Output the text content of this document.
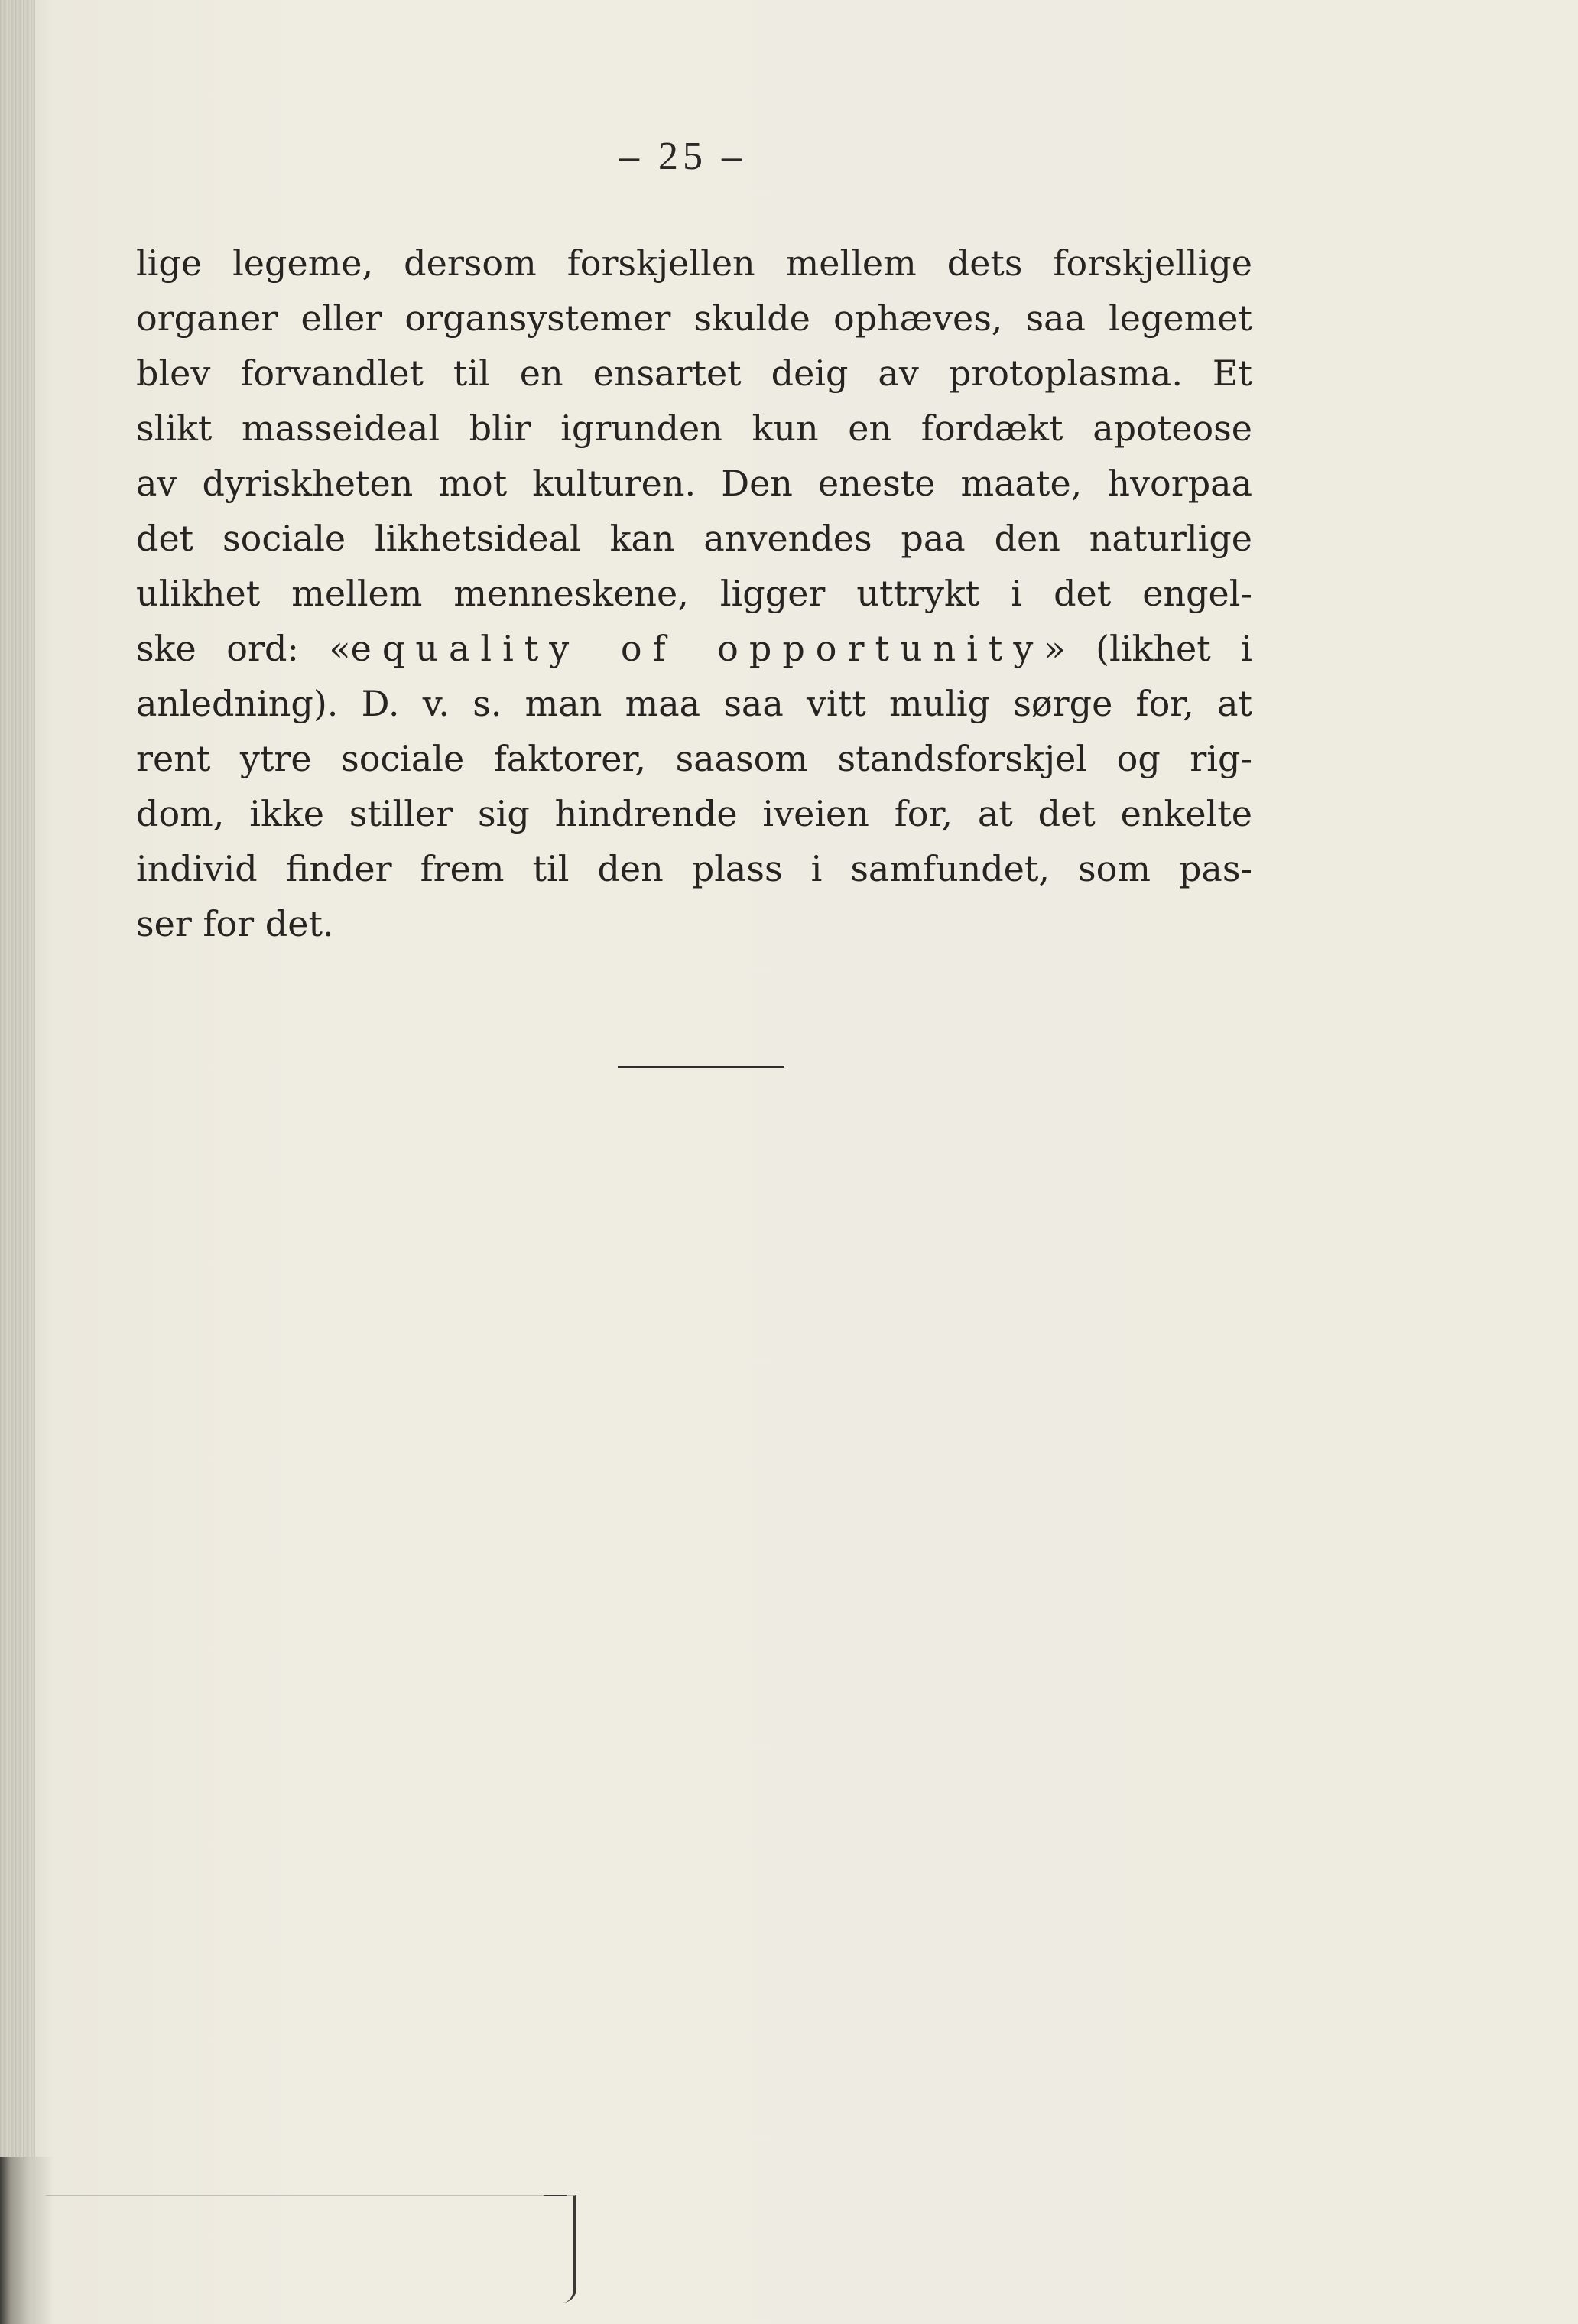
– 25 –
lige legeme, dersom forskjellen mellem dets forskjellige
organer eller organsystemer skulde ophæves, saa legemet
blev forvandlet til en ensartet deig av protoplasma. Et
slikt masseideal blir igrunden kun en fordækt apoteose
av dyriskheten mot kulturen. Den eneste maate, hvorpaa
det sociale likhetsideal kan anvendes paa den naturlige
ulikhet mellem menneskene, ligger uttrykt i det engel-
ske ord: «equality of opportunity» (likhet i
anledning). D. v. s. man maa saa vitt mulig sørge for, at
rent ytre sociale faktorer, saasom standsforskjel og rig-
dom, ikke stiller sig hindrende iveien for, at det enkelte
individ finder frem til den plass i samfundet, som pas-
ser for det.
